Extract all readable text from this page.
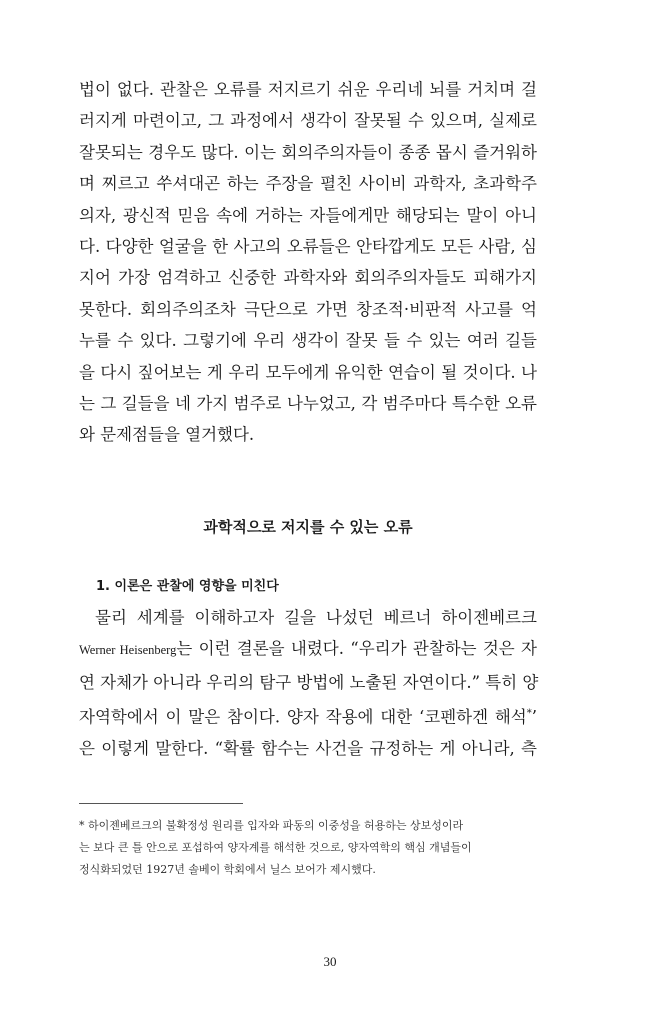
법이 없다. 관찰은 오류를 저지르기 쉬운 우리네 뇌를 거치며 걸
러지게 마련이고, 그 과정에서 생각이 잘못될 수 있으며, 실제로
잘못되는 경우도 많다. 이는 회의주의자들이 종종 몹시 즐거워하
며 찌르고 쑤셔대곤 하는 주장을 펼친 사이비 과학자, 초과학주
의자, 광신적 믿음 속에 거하는 자들에게만 해당되는 말이 아니
다. 다양한 얼굴을 한 사고의 오류들은 안타깝게도 모든 사람, 심
지어 가장 엄격하고 신중한 과학자와 회의주의자들도 피해가지
못한다. 회의주의조차 극단으로 가면 창조적·비판적 사고를 억
누를 수 있다. 그렇기에 우리 생각이 잘못 들 수 있는 여러 길들
을 다시 짚어보는 게 우리 모두에게 유익한 연습이 될 것이다. 나
는 그 길들을 네 가지 범주로 나누었고, 각 범주마다 특수한 오류
와 문제점들을 열거했다.

과학적으로 저지를 수 있는 오류
1. 이론은 관찰에 영향을 미친다

물리 세계를 이해하고자 길을 나섰던 베르너 하이젠베르크
Werner Heisenberg는 이런 결론을 내렸다. “우리가 관찰하는 것은 자
연 자체가 아니라 우리의 탐구 방법에 노출된 자연이다.” 특히 양
자역학에서 이 말은 참이다. 양자 작용에 대한 ‘코펜하겐 해석*’
은 이렇게 말한다. “확률 함수는 사건을 규정하는 게 아니라, 측

* 하이젠베르크의 불확정성 원리를 입자와 파동의 이중성을 허용하는 상보성이라
는 보다 큰 틀 안으로 포섭하여 양자계를 해석한 것으로, 양자역학의 핵심 개념들이
정식화되었던 1927년 솔베이 학회에서 닐스 보어가 제시했다.

30
